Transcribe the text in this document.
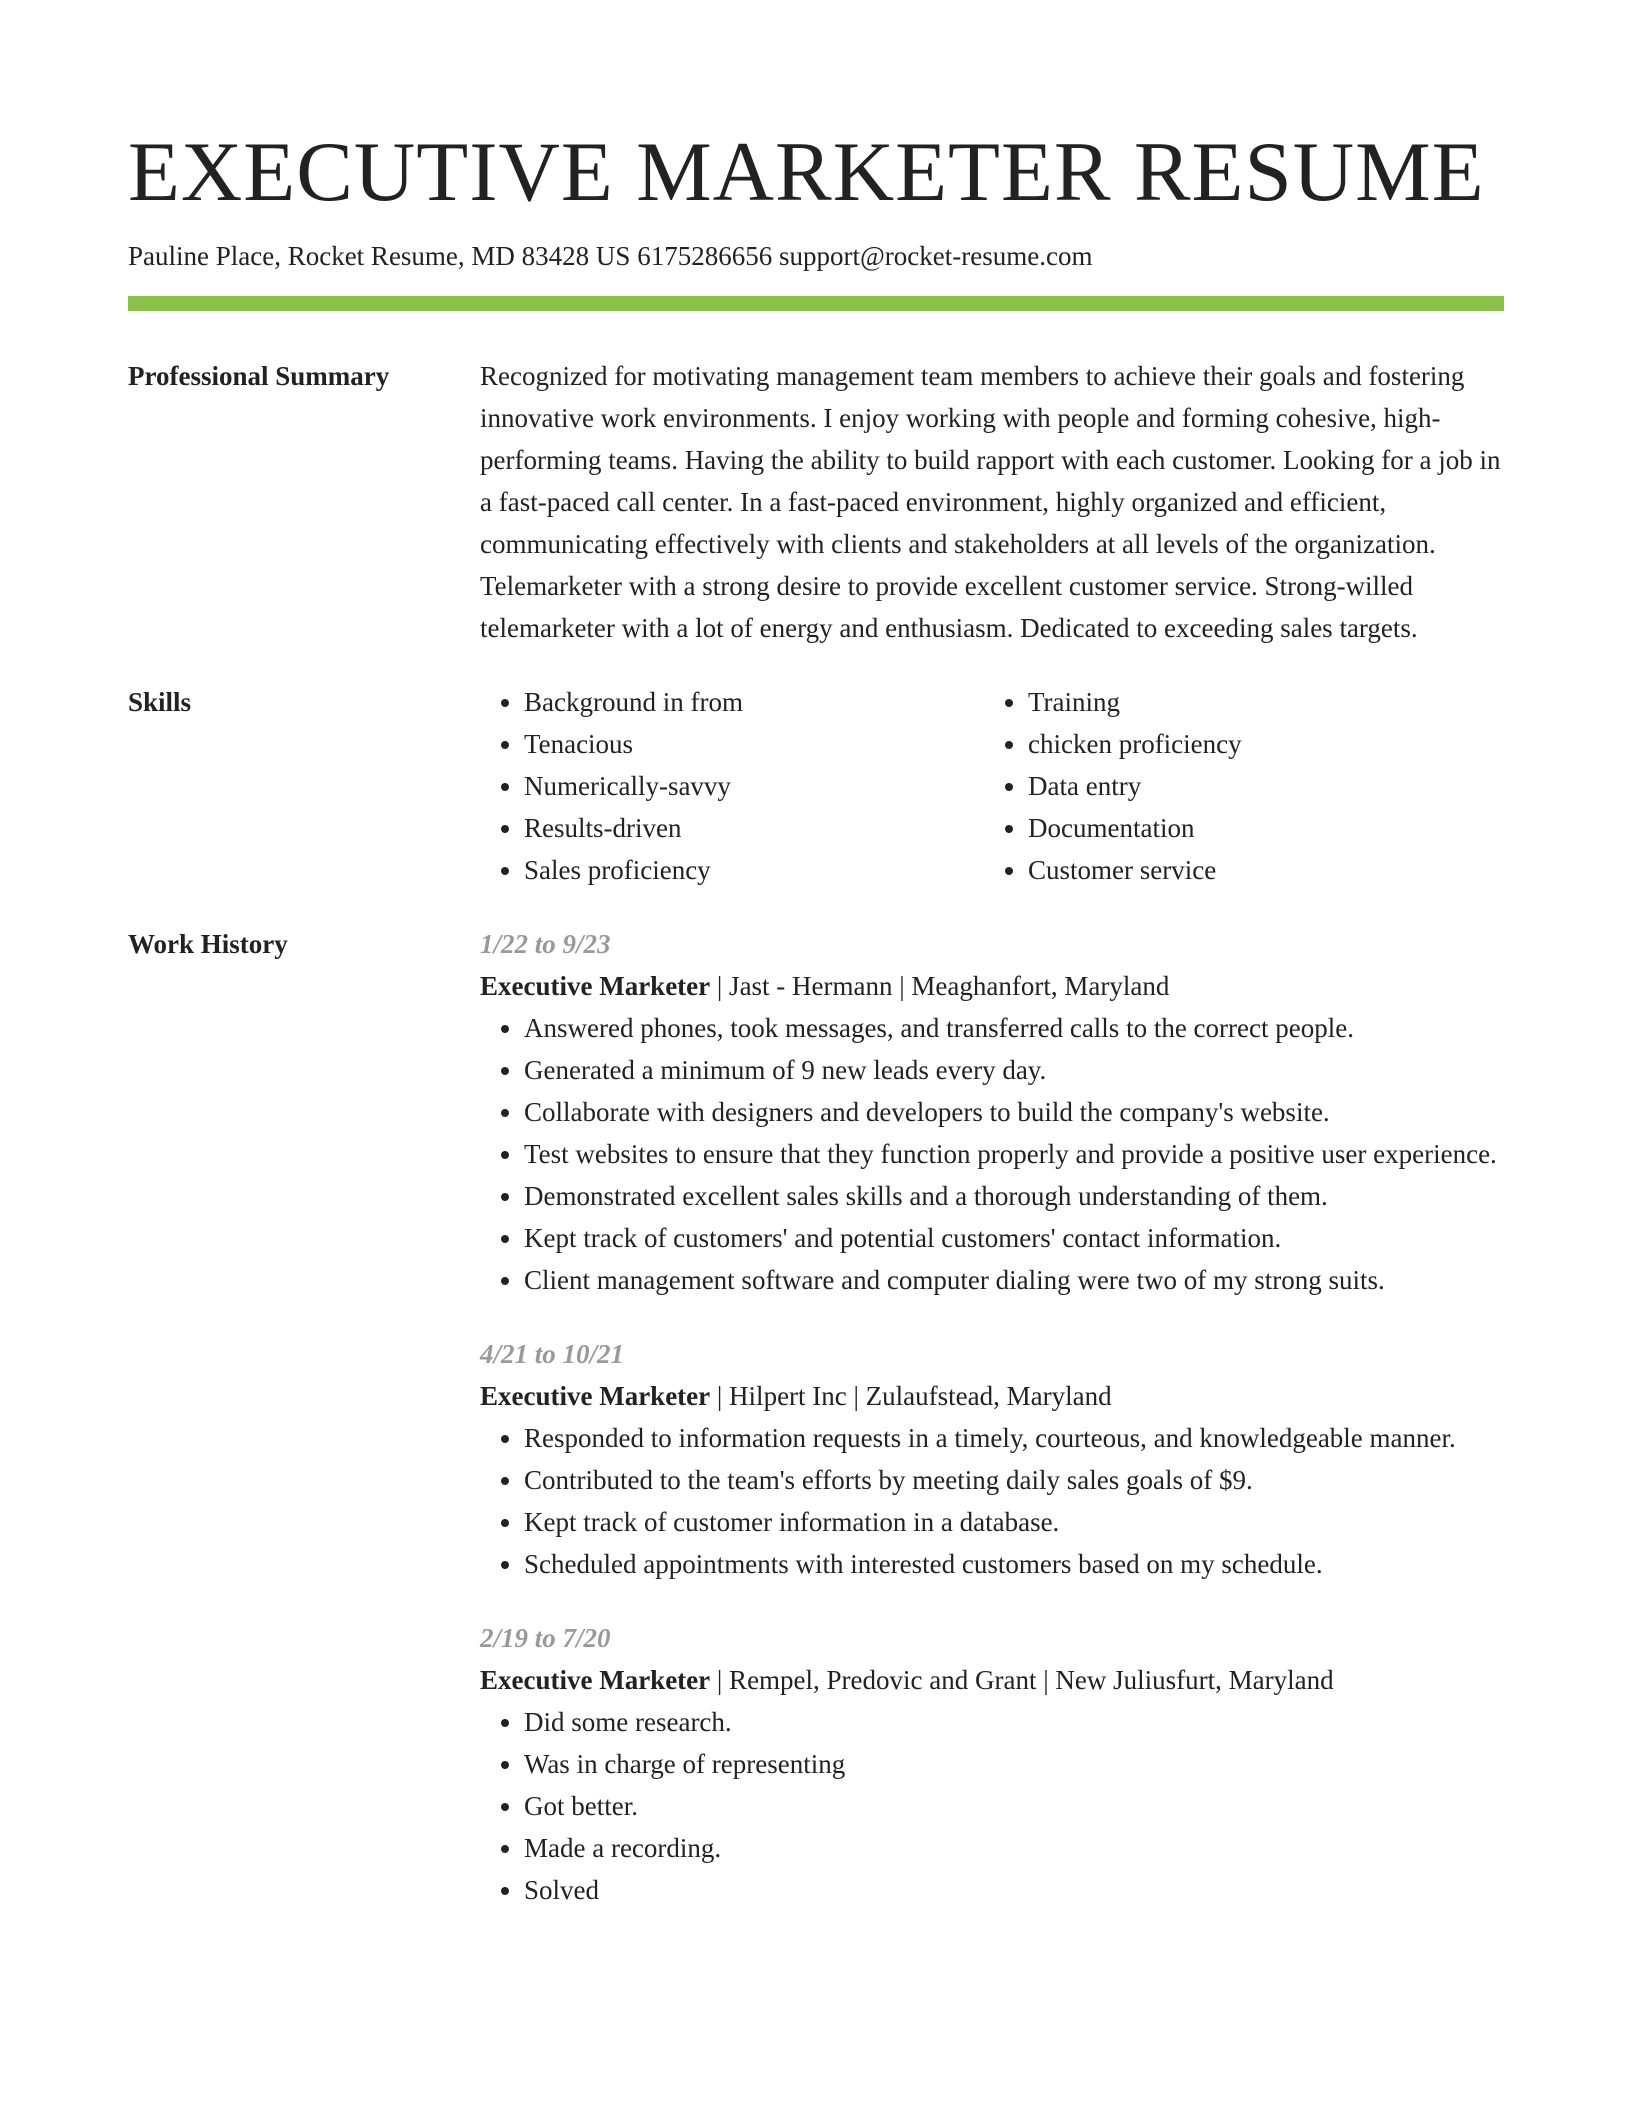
EXECUTIVE MARKETER RESUME
Pauline Place, Rocket Resume, MD 83428 US 6175286656 support@rocket-resume.com
Professional Summary	Recognized for motivating management team members to achieve their goals and fostering innovative work environments. I enjoy working with people and forming cohesive, high-performing teams. Having the ability to build rapport with each customer. Looking for a job in a fast-paced call center. In a fast-paced environment, highly organized and efficient, communicating effectively with clients and stakeholders at all levels of the organization. Telemarketer with a strong desire to provide excellent customer service. Strong-willed telemarketer with a lot of energy and enthusiasm. Dedicated to exceeding sales targets.

Skills
•	Background in from
• Tenacious
• Numerically-savvy
• Results-driven
• Sales proficiency
• Training
• chicken proficiency
• Data entry
• Documentation
• Customer service
Work History	1/22 to 9/23
Executive Marketer | Jast - Hermann | Meaghanfort, Maryland
• Answered phones, took messages, and transferred calls to the correct people.
• Generated a minimum of 9 new leads every day.
• Collaborate with designers and developers to build the company's website.
• Test websites to ensure that they function properly and provide a positive user experience.
• Demonstrated excellent sales skills and a thorough understanding of them.
• Kept track of customers' and potential customers' contact information.
• Client management software and computer dialing were two of my strong suits.
4/21 to 10/21
Executive Marketer | Hilpert Inc | Zulaufstead, Maryland
• Responded to information requests in a timely, courteous, and knowledgeable manner.
• Contributed to the team's efforts by meeting daily sales goals of $9.
• Kept track of customer information in a database.
• Scheduled appointments with interested customers based on my schedule.
2/19 to 7/20
Executive Marketer | Rempel, Predovic and Grant | New Juliusfurt, Maryland
• Did some research.
• Was in charge of representing
• Got better.
• Made a recording.
• Solved
